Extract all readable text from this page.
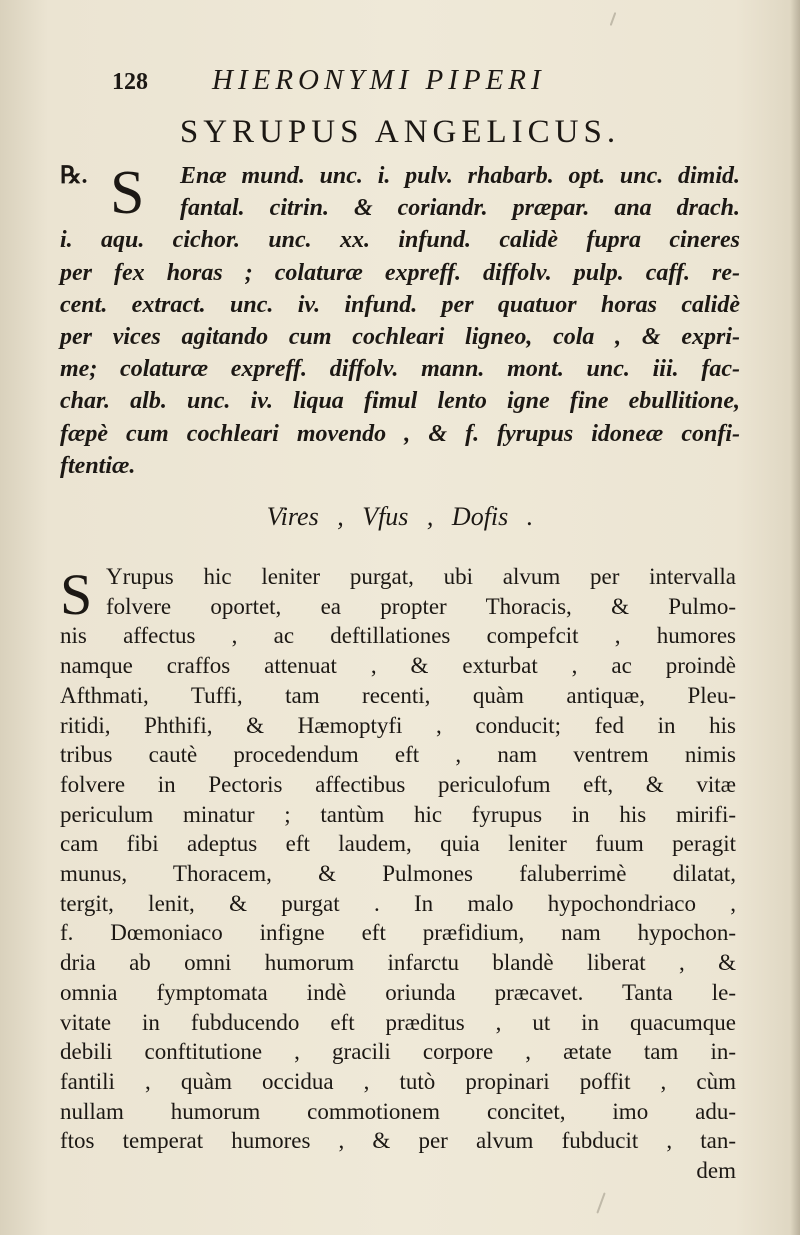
128	HIERONYMI PIPERI
SYRUPUS ANGELICUS.
℞. S	Enæ mund. unc. i. pulv. rhabarb. opt. unc. dimid.
fantal. citrin. & coriandr. præpar. ana drach.
i. aqu. cichor. unc. xx. infund. calidè fupra cineres
per fex horas ; colaturæ expreff. diffolv. pulp. caff. re-
cent. extract. unc. iv. infund. per quatuor horas calidè
per vices agitando cum cochleari ligneo, cola , & expri-
me; colaturæ expreff. diffolv. mann. mont. unc. iii. fac-
char. alb. unc. iv. liqua fimul lento igne fine ebullitione,
fæpè cum cochleari movendo , & f. fyrupus idoneæ confi-
ftentiæ.
Vires , Vfus , Dofis .
S Yrupus hic leniter purgat, ubi alvum per intervalla
folvere oportet, ea propter Thoracis, & Pulmo-
nis affectus , ac deftillationes compefcit , humores
namque craffos attenuat , & exturbat , ac proindè
Afthmati, Tuffi, tam recenti, quàm antiquæ, Pleu-
ritidi, Phthifi, & Hæmoptyfi , conducit; fed in his
tribus cautè procedendum eft , nam ventrem nimis
folvere in Pectoris affectibus periculofum eft, & vitæ
periculum minatur ; tantùm hic fyrupus in his mirifi-
cam fibi adeptus eft laudem, quia leniter fuum peragit
munus, Thoracem, & Pulmones faluberrimè dilatat,
tergit, lenit, & purgat . In malo hypochondriaco ,
f. Dœmoniaco infigne eft præfidium, nam hypochon-
dria ab omni humorum infarctu blandè liberat , &
omnia fymptomata indè oriunda præcavet. Tanta le-
vitate in fubducendo eft præditus , ut in quacumque
debili conftitutione , gracili corpore , ætate tam in-
fantili , quàm occidua , tutò propinari poffit , cùm
nullam humorum commotionem concitet, imo adu-
ftos temperat humores , & per alvum fubducit , tan-
dem
